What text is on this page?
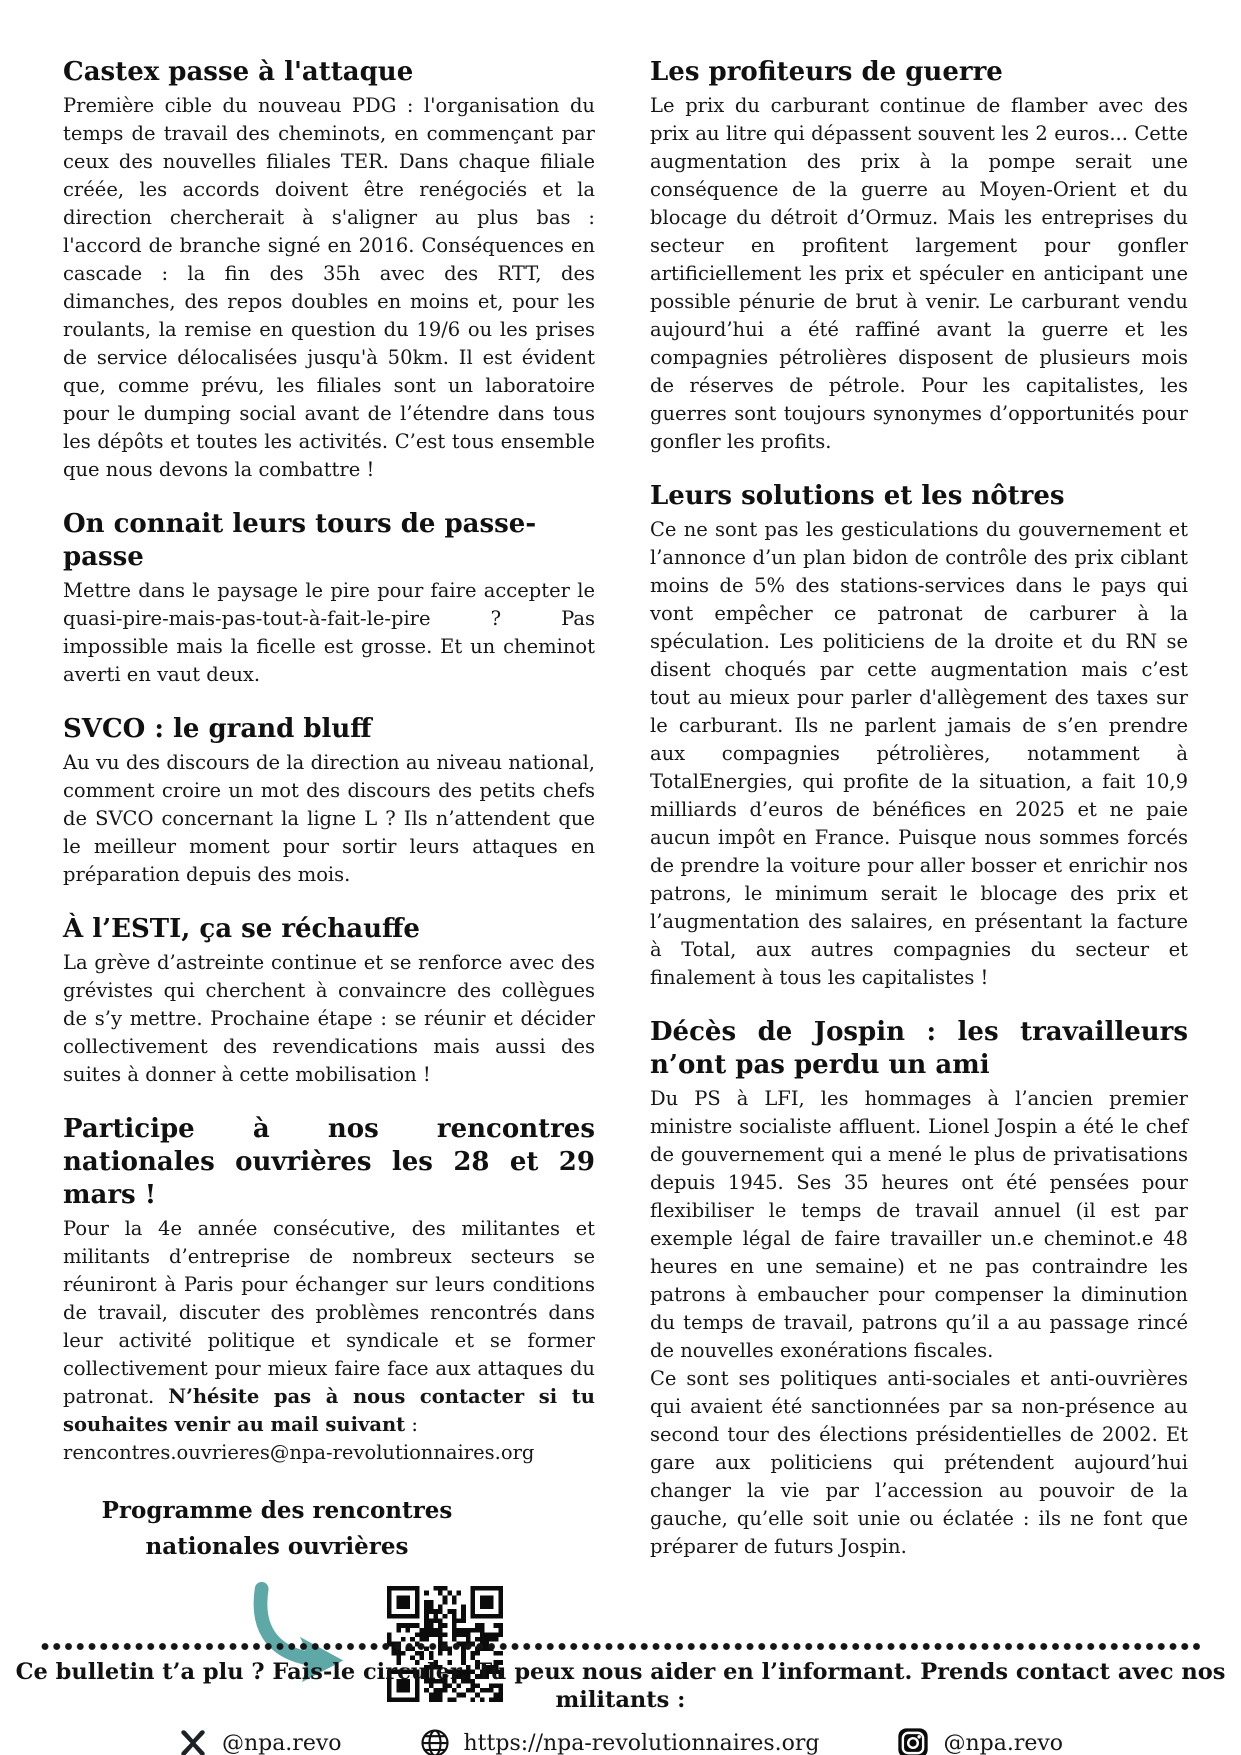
Castex passe à l'attaque

Première cible du nouveau PDG : l'organisation du temps de travail des cheminots, en commençant par ceux des nouvelles filiales TER. Dans chaque filiale créée, les accords doivent être renégociés et la direction chercherait à s'aligner au plus bas : l'accord de branche signé en 2016. Conséquences en cascade : la fin des 35h avec des RTT, des dimanches, des repos doubles en moins et, pour les roulants, la remise en question du 19/6 ou les prises de service délocalisées jusqu'à 50km. Il est évident que, comme prévu, les filiales sont un laboratoire pour le dumping social avant de l’étendre dans tous les dépôts et toutes les activités. C’est tous ensemble que nous devons la combattre !

On connait leurs tours de passe-passe

Mettre dans le paysage le pire pour faire accepter le quasi-pire-mais-pas-tout-à-fait-le-pire ? Pas impossible mais la ficelle est grosse. Et un cheminot averti en vaut deux.

SVCO : le grand bluff

Au vu des discours de la direction au niveau national, comment croire un mot des discours des petits chefs de SVCO concernant la ligne L ? Ils n’attendent que le meilleur moment pour sortir leurs attaques en préparation depuis des mois.

À l’ESTI, ça se réchauffe

La grève d’astreinte continue et se renforce avec des grévistes qui cherchent à convaincre des collègues de s’y mettre. Prochaine étape : se réunir et décider collectivement des revendications mais aussi des suites à donner à cette mobilisation !

Participe à nos rencontres nationales ouvrières les 28 et 29 mars !

Pour la 4e année consécutive, des militantes et militants d’entreprise de nombreux secteurs se réuniront à Paris pour échanger sur leurs conditions de travail, discuter des problèmes rencontrés dans leur activité politique et syndicale et se former collectivement pour mieux faire face aux attaques du patronat. N’hésite pas à nous contacter si tu souhaites venir au mail suivant :

rencontres.ouvrieres@npa-revolutionnaires.org
Programme des rencontres
nationales ouvrières
Les profiteurs de guerre

Le prix du carburant continue de flamber avec des prix au litre qui dépassent souvent les 2 euros... Cette augmentation des prix à la pompe serait une conséquence de la guerre au Moyen-Orient et du blocage du détroit d’Ormuz. Mais les entreprises du secteur en profitent largement pour gonfler artificiellement les prix et spéculer en anticipant une possible pénurie de brut à venir. Le carburant vendu aujourd’hui a été raffiné avant la guerre et les compagnies pétrolières disposent de plusieurs mois de réserves de pétrole. Pour les capitalistes, les guerres sont toujours synonymes d’opportunités pour gonfler les profits.

Leurs solutions et les nôtres

Ce ne sont pas les gesticulations du gouvernement et l’annonce d’un plan bidon de contrôle des prix ciblant moins de 5% des stations-services dans le pays qui vont empêcher ce patronat de carburer à la spéculation. Les politiciens de la droite et du RN se disent choqués par cette augmentation mais c’est tout au mieux pour parler d'allègement des taxes sur le carburant. Ils ne parlent jamais de s’en prendre aux compagnies pétrolières, notamment à TotalEnergies, qui profite de la situation, a fait 10,9 milliards d’euros de bénéfices en 2025 et ne paie aucun impôt en France. Puisque nous sommes forcés de prendre la voiture pour aller bosser et enrichir nos patrons, le minimum serait le blocage des prix et l’augmentation des salaires, en présentant la facture à Total, aux autres compagnies du secteur et finalement à tous les capitalistes !

Décès de Jospin : les travailleurs n’ont pas perdu un ami

Du PS à LFI, les hommages à l’ancien premier ministre socialiste affluent. Lionel Jospin a été le chef de gouvernement qui a mené le plus de privatisations depuis 1945. Ses 35 heures ont été pensées pour flexibiliser le temps de travail annuel (il est par exemple légal de faire travailler un.e cheminot.e 48 heures en une semaine) et ne pas contraindre les patrons à embaucher pour compenser la diminution du temps de travail, patrons qu’il a au passage rincé de nouvelles exonérations fiscales.

Ce sont ses politiques anti-sociales et anti-ouvrières qui avaient été sanctionnées par sa non-présence au second tour des élections présidentielles de 2002. Et gare aux politiciens qui prétendent aujourd’hui changer la vie par l’accession au pouvoir de la gauche, qu’elle soit unie ou éclatée : ils ne font que préparer de futurs Jospin.

Ce bulletin t’a plu ? Fais-le circuler. Tu peux nous aider en l’informant. Prends contact avec nos militants :

@npa.revo	https://npa-revolutionnaires.org	@npa.revo
